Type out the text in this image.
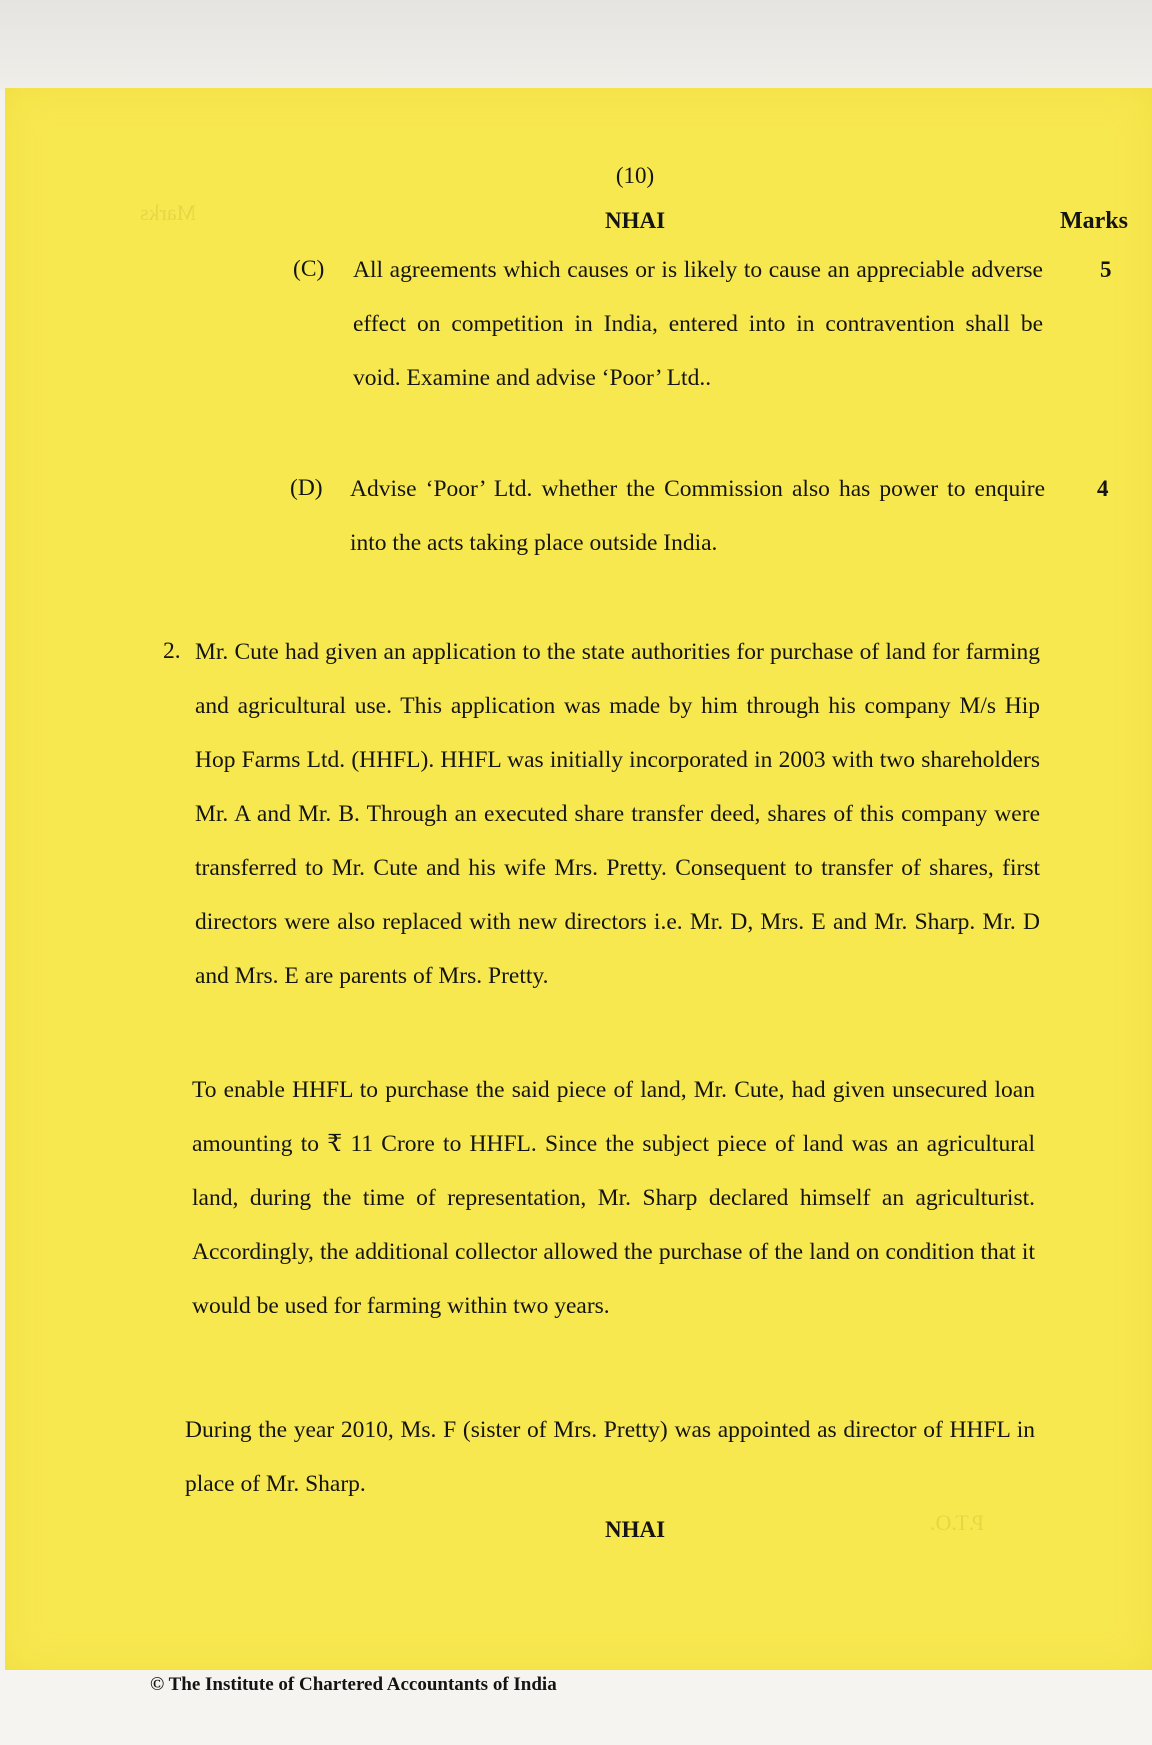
Marks
P.T.O.
(10)
NHAI	Marks
(C) All agreements which causes or is likely to cause an appreciable adverse effect on competition in India, entered into in contravention shall be void. Examine and advise ‘Poor’ Ltd..
5
(D) Advise ‘Poor’ Ltd. whether the Commission also has power to enquire into the acts taking place outside India.
4
2. Mr. Cute had given an application to the state authorities for purchase of land for farming and agricultural use. This application was made by him through his company M/s Hip Hop Farms Ltd. (HHFL). HHFL was initially incorporated in 2003 with two shareholders Mr. A and Mr. B. Through an executed share transfer deed, shares of this company were transferred to Mr. Cute and his wife Mrs. Pretty. Consequent to transfer of shares, first directors were also replaced with new directors i.e. Mr. D, Mrs. E and Mr. Sharp. Mr. D and Mrs. E are parents of Mrs. Pretty.
To enable HHFL to purchase the said piece of land, Mr. Cute, had given unsecured loan amounting to ₹ 11 Crore to HHFL. Since the subject piece of land was an agricultural land, during the time of representation, Mr. Sharp declared himself an agriculturist. Accordingly, the additional collector allowed the purchase of the land on condition that it would be used for farming within two years.
During the year 2010, Ms. F (sister of Mrs. Pretty) was appointed as director of HHFL in place of Mr. Sharp.
NHAI
© The Institute of Chartered Accountants of India
